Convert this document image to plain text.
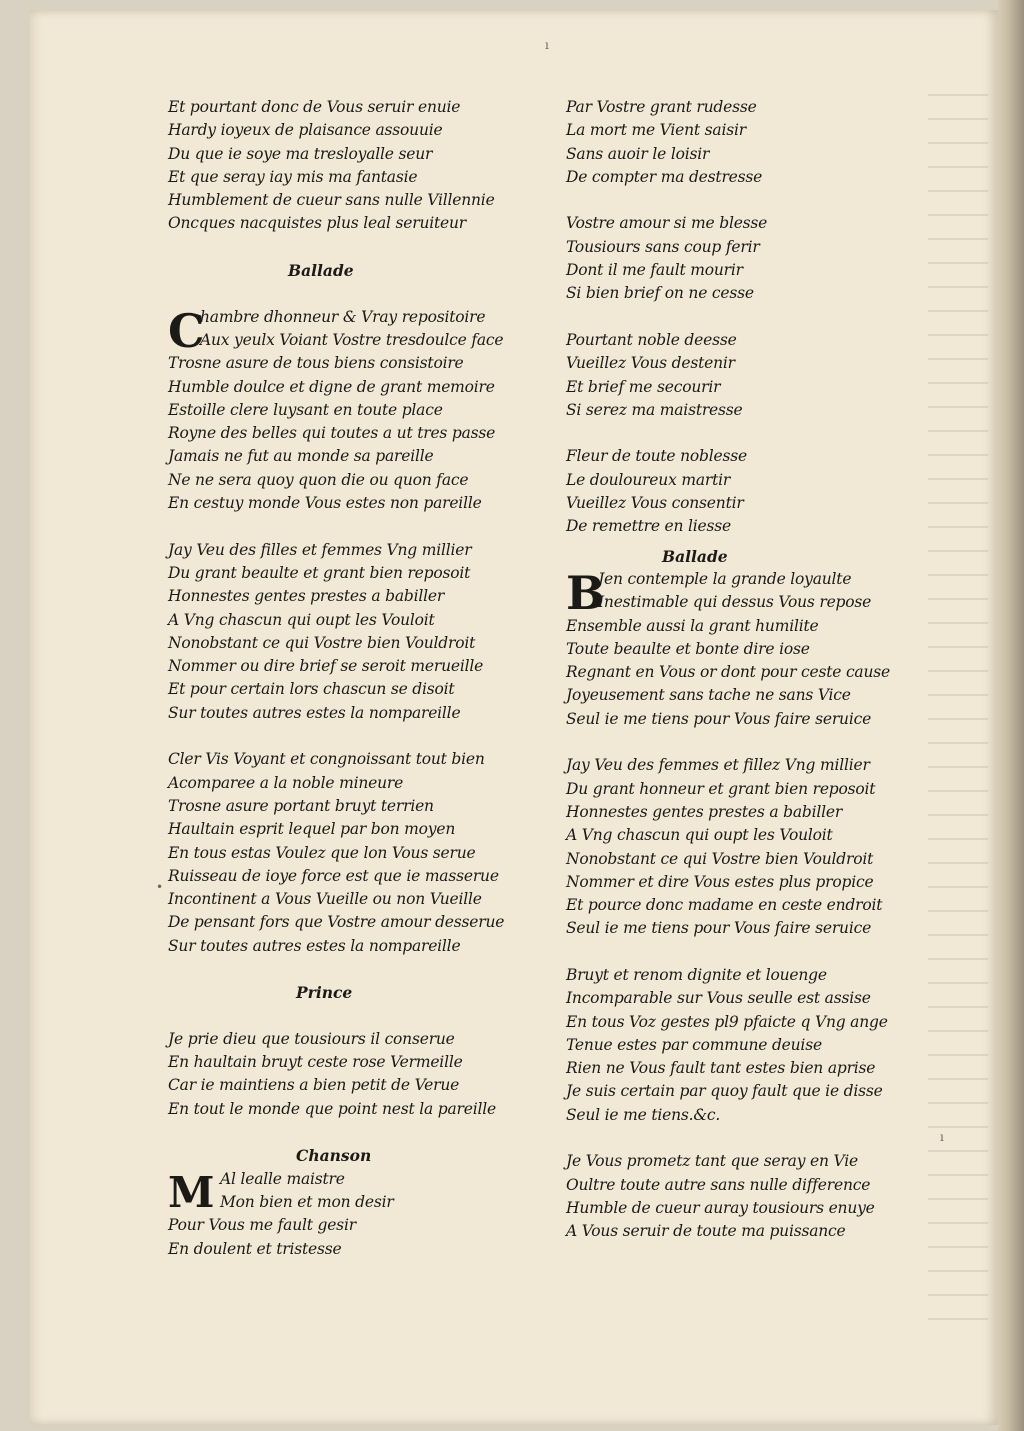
ı
•
ı
Et pourtant donc de Vous seruir enuie
Hardy ioyeux de plaisance assouuie
Du que ie soye ma tresloyalle seur
Et que seray iay mis ma fantasie
Humblement de cueur sans nulle Villennie
Oncques nacquistes plus leal seruiteur
Ballade
C
hambre dhonneur & Vray repositoire
Aux yeulx Voiant Vostre tresdoulce face
Trosne asure de tous biens consistoire
Humble doulce et digne de grant memoire
Estoille clere luysant en toute place
Royne des belles qui toutes a ut tres passe
Jamais ne fut au monde sa pareille
Ne ne sera quoy quon die ou quon face
En cestuy monde Vous estes non pareille
Jay Veu des filles et femmes Vng millier
Du grant beaulte et grant bien reposoit
Honnestes gentes prestes a babiller
A Vng chascun qui oupt les Vouloit
Nonobstant ce qui Vostre bien Vouldroit
Nommer ou dire brief se seroit merueille
Et pour certain lors chascun se disoit
Sur toutes autres estes la nompareille
Cler Vis Voyant et congnoissant tout bien
Acomparee a la noble mineure
Trosne asure portant bruyt terrien
Haultain esprit lequel par bon moyen
En tous estas Voulez que lon Vous serue
Ruisseau de ioye force est que ie masserue
Incontinent a Vous Vueille ou non Vueille
De pensant fors que Vostre amour desserue
Sur toutes autres estes la nompareille
Prince
Je prie dieu que tousiours il conserue
En haultain bruyt ceste rose Vermeille
Car ie maintiens a bien petit de Verue
En tout le monde que point nest la pareille
Chanson
M Al lealle maistre
Mon bien et mon desir
Pour Vous me fault gesir
En doulent et tristesse
Par Vostre grant rudesse
La mort me Vient saisir
Sans auoir le loisir
De compter ma destresse
Vostre amour si me blesse
Tousiours sans coup ferir
Dont il me fault mourir
Si bien brief on ne cesse
Pourtant noble deesse
Vueillez Vous destenir
Et brief me secourir
Si serez ma maistresse
Fleur de toute noblesse
Le douloureux martir
Vueillez Vous consentir
De remettre en liesse
Ballade
B
Jen contemple la grande loyaulte
Inestimable qui dessus Vous repose
Ensemble aussi la grant humilite
Toute beaulte et bonte dire iose
Regnant en Vous or dont pour ceste cause
Joyeusement sans tache ne sans Vice
Seul ie me tiens pour Vous faire seruice
Jay Veu des femmes et fillez Vng millier
Du grant honneur et grant bien reposoit
Honnestes gentes prestes a babiller
A Vng chascun qui oupt les Vouloit
Nonobstant ce qui Vostre bien Vouldroit
Nommer et dire Vous estes plus propice
Et pource donc madame en ceste endroit
Seul ie me tiens pour Vous faire seruice
Bruyt et renom dignite et louenge
Incomparable sur Vous seulle est assise
En tous Voz gestes pl9 pfaicte q Vng ange
Tenue estes par commune deuise
Rien ne Vous fault tant estes bien aprise
Je suis certain par quoy fault que ie disse
Seul ie me tiens.&c.
Je Vous prometz tant que seray en Vie
Oultre toute autre sans nulle difference
Humble de cueur auray tousiours enuye
A Vous seruir de toute ma puissance
